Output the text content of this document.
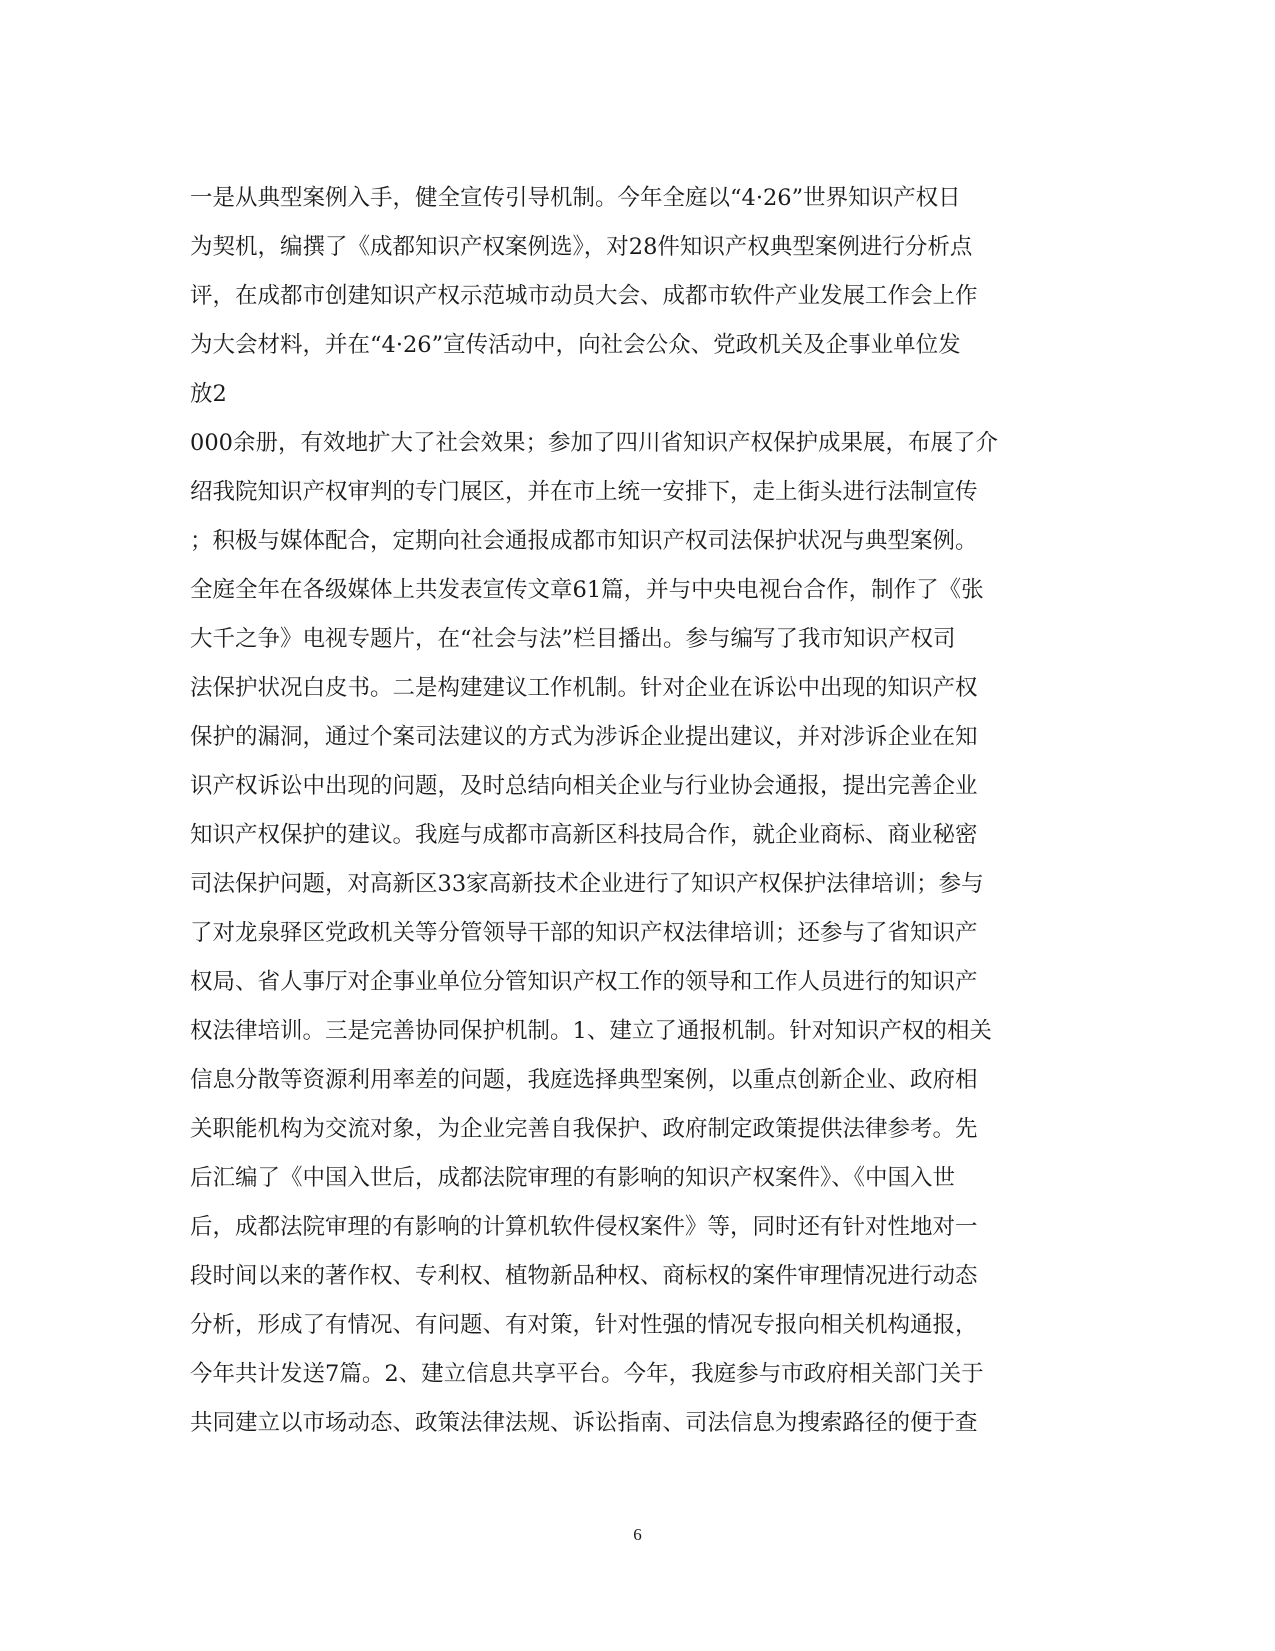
一是从典型案例入手，健全宣传引导机制。今年全庭以“4·26”世界知识产权日
为契机，编撰了《成都知识产权案例选》，对28件知识产权典型案例进行分析点
评，在成都市创建知识产权示范城市动员大会、成都市软件产业发展工作会上作
为大会材料，并在“4·26”宣传活动中，向社会公众、党政机关及企事业单位发
放2
000余册，有效地扩大了社会效果；参加了四川省知识产权保护成果展，布展了介
绍我院知识产权审判的专门展区，并在市上统一安排下，走上街头进行法制宣传
；积极与媒体配合，定期向社会通报成都市知识产权司法保护状况与典型案例。
全庭全年在各级媒体上共发表宣传文章61篇，并与中央电视台合作，制作了《张
大千之争》电视专题片，在“社会与法”栏目播出。参与编写了我市知识产权司
法保护状况白皮书。二是构建建议工作机制。针对企业在诉讼中出现的知识产权
保护的漏洞，通过个案司法建议的方式为涉诉企业提出建议，并对涉诉企业在知
识产权诉讼中出现的问题，及时总结向相关企业与行业协会通报，提出完善企业
知识产权保护的建议。我庭与成都市高新区科技局合作，就企业商标、商业秘密
司法保护问题，对高新区33家高新技术企业进行了知识产权保护法律培训；参与
了对龙泉驿区党政机关等分管领导干部的知识产权法律培训；还参与了省知识产
权局、省人事厅对企事业单位分管知识产权工作的领导和工作人员进行的知识产
权法律培训。三是完善协同保护机制。1、建立了通报机制。针对知识产权的相关
信息分散等资源利用率差的问题，我庭选择典型案例，以重点创新企业、政府相
关职能机构为交流对象，为企业完善自我保护、政府制定政策提供法律参考。先
后汇编了《中国入世后，成都法院审理的有影响的知识产权案件》、《中国入世
后，成都法院审理的有影响的计算机软件侵权案件》等，同时还有针对性地对一
段时间以来的著作权、专利权、植物新品种权、商标权的案件审理情况进行动态
分析，形成了有情况、有问题、有对策，针对性强的情况专报向相关机构通报，
今年共计发送7篇。2、建立信息共享平台。今年，我庭参与市政府相关部门关于
共同建立以市场动态、政策法律法规、诉讼指南、司法信息为搜索路径的便于查
6
